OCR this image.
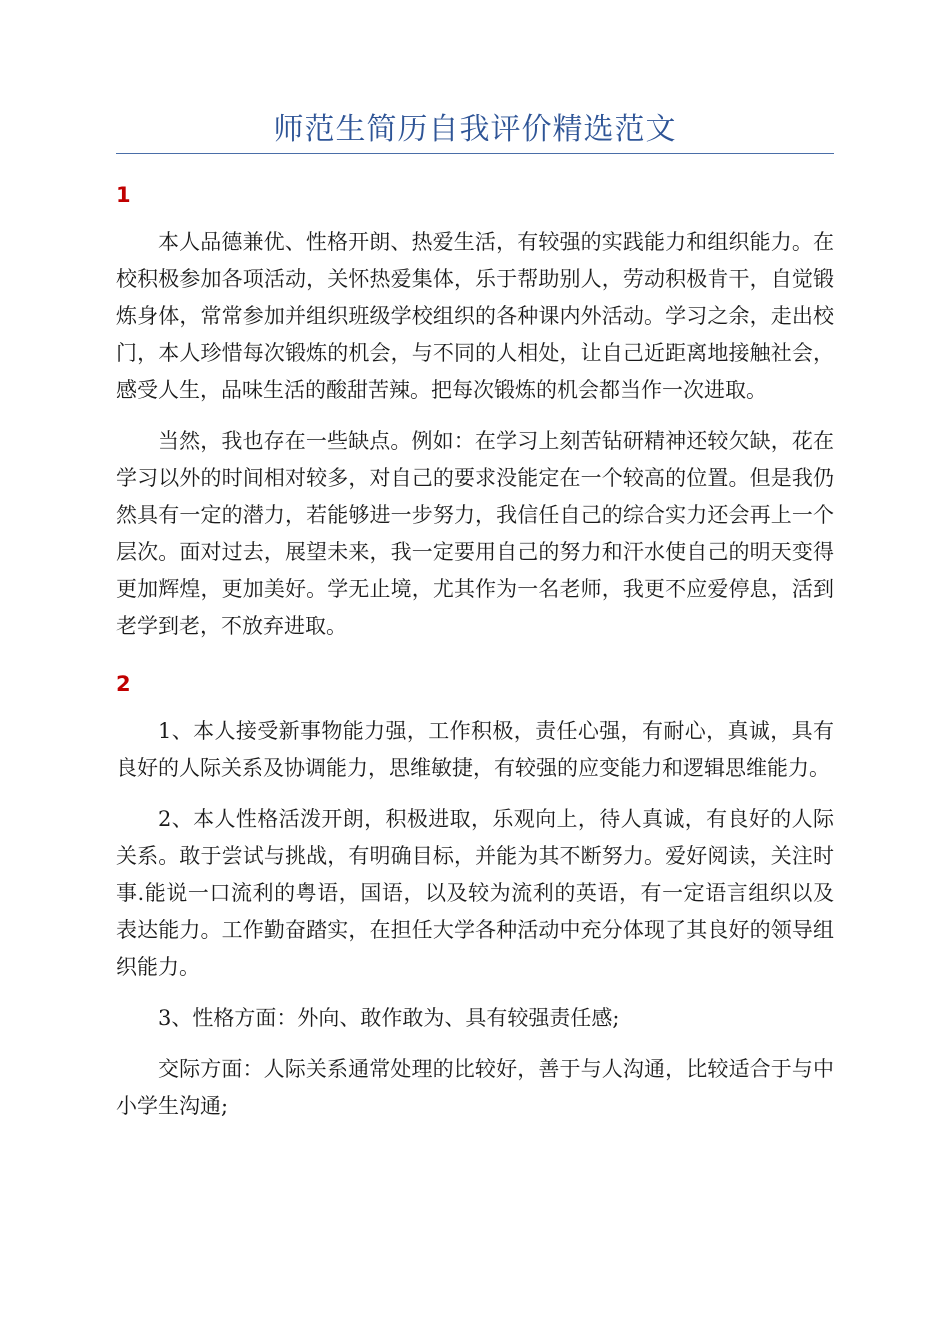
师范生简历自我评价精选范文
1

本人品德兼优、性格开朗、热爱生活，有较强的实践能力和组织能力。在校积极参加各项活动，关怀热爱集体，乐于帮助别人，劳动积极肯干，自觉锻炼身体，常常参加并组织班级学校组织的各种课内外活动。学习之余，走出校门，本人珍惜每次锻炼的机会，与不同的人相处，让自己近距离地接触社会，感受人生，品味生活的酸甜苦辣。把每次锻炼的机会都当作一次进取。

当然，我也存在一些缺点。例如：在学习上刻苦钻研精神还较欠缺，花在学习以外的时间相对较多，对自己的要求没能定在一个较高的位置。但是我仍然具有一定的潜力，若能够进一步努力，我信任自己的综合实力还会再上一个层次。面对过去，展望未来，我一定要用自己的努力和汗水使自己的明天变得更加辉煌，更加美好。学无止境，尤其作为一名老师，我更不应爱停息，活到老学到老，不放弃进取。

2

1、本人接受新事物能力强，工作积极，责任心强，有耐心，真诚，具有良好的人际关系及协调能力，思维敏捷，有较强的应变能力和逻辑思维能力。

2、本人性格活泼开朗，积极进取，乐观向上，待人真诚，有良好的人际关系。敢于尝试与挑战，有明确目标，并能为其不断努力。爱好阅读，关注时事.能说一口流利的粤语，国语，以及较为流利的英语，有一定语言组织以及表达能力。工作勤奋踏实，在担任大学各种活动中充分体现了其良好的领导组织能力。

3、性格方面：外向、敢作敢为、具有较强责任感;

交际方面：人际关系通常处理的比较好，善于与人沟通，比较适合于与中小学生沟通;
